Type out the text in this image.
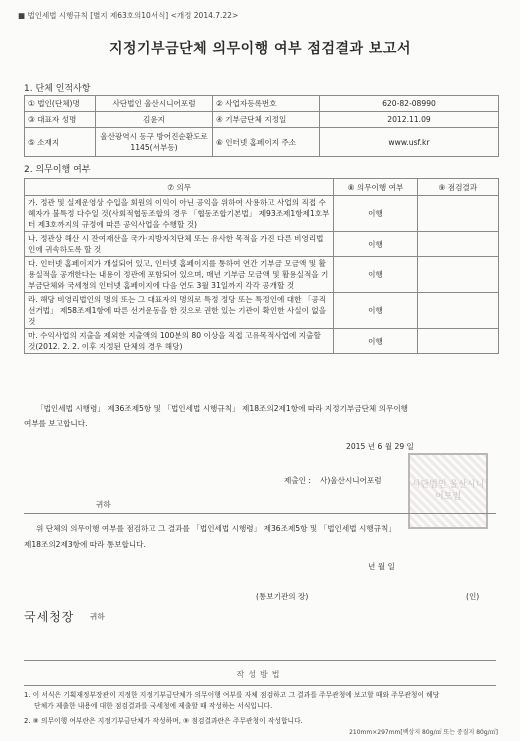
■ 법인세법 시행규칙 [별지 제63호의10서식] <개정 2014.7.22>
지정기부금단체 의무이행 여부 점검결과 보고서
1. 단체 인적사항
① 법인(단체)명	사단법인 울산시니어포럼	② 사업자등록번호	620-82-08990
③ 대표자 성명	김윤지	④ 기부금단체 지정일	2012.11.09
⑤ 소재지	울산광역시 동구 방어진순환도로 1145(서부동)	⑥ 인터넷 홈페이지 주소	www.usf.kr
2. 의무이행 여부
⑦ 의무	⑧ 의무이행 여부	⑨ 점검결과
가. 정관 및 실제운영상 수입을 회원의 이익이 아닌 공익을 위하여 사용하고 사업의 직접 수혜자가 불특정 다수일 것(사회적협동조합의 경우 「협동조합기본법」 제93조제1항제1호부터 제3호까지의 규정에 따른 공익사업을 수행할 것)	이행	
나. 정관상 해산 시 잔여재산을 국가·지방자치단체 또는 유사한 목적을 가진 다른 비영리법인에 귀속하도록 할 것	이행	
다. 인터넷 홈페이지가 개설되어 있고, 인터넷 홈페이지를 통하여 연간 기부금 모금액 및 활용실적을 공개한다는 내용이 정관에 포함되어 있으며, 매년 기부금 모금액 및 활용실적을 기부금단체와 국세청의 인터넷 홈페이지에 다음 연도 3월 31일까지 각각 공개할 것	이행	
라. 해당 비영리법인의 명의 또는 그 대표자의 명의로 특정 정당 또는 특정인에 대한 「공직선거법」 제58조제1항에 따른 선거운동을 한 것으로 권한 있는 기관이 확인한 사실이 없을 것	이행	
마. 수익사업의 지출을 제외한 지출액의 100분의 80 이상을 직접 고유목적사업에 지출할 것(2012. 2. 2. 이후 지정된 단체의 경우 해당)	이행	
「법인세법 시행령」 제36조제5항 및 「법인세법 시행규칙」 제18조의2제1항에 따라 지정기부금단체 의무이행
여부를 보고합니다.
2015 년 6 월 29 일
제출인 : 사)울산시니어포럼	사단법인 울산시니어포럼
귀하
위 단체의 의무이행 여부를 점검하고 그 결과를 「법인세법 시행령」 제36조제5항 및 「법인세법 시행규칙」
제18조의2제3항에 따라 통보합니다.
년 월 일
(통보기관의 장)	(인)
국세청장 귀하
작성방법
1. 이 서식은 기획재정부장관이 지정한 지정기부금단체가 의무이행 여부를 자체 점검하고 그 결과를 주무관청에 보고할 때와 주무관청이 해당
단체가 제출한 내용에 대한 점검결과를 국세청에 제출할 때 작성하는 서식입니다.
2. ⑧ 의무이행 여부란은 지정기부금단체가 작성하며, ⑨ 점검결과란은 주무관청이 작성합니다.
210mm×297mm[백상지 80g/㎡ 또는 중질지 80g/㎡]
